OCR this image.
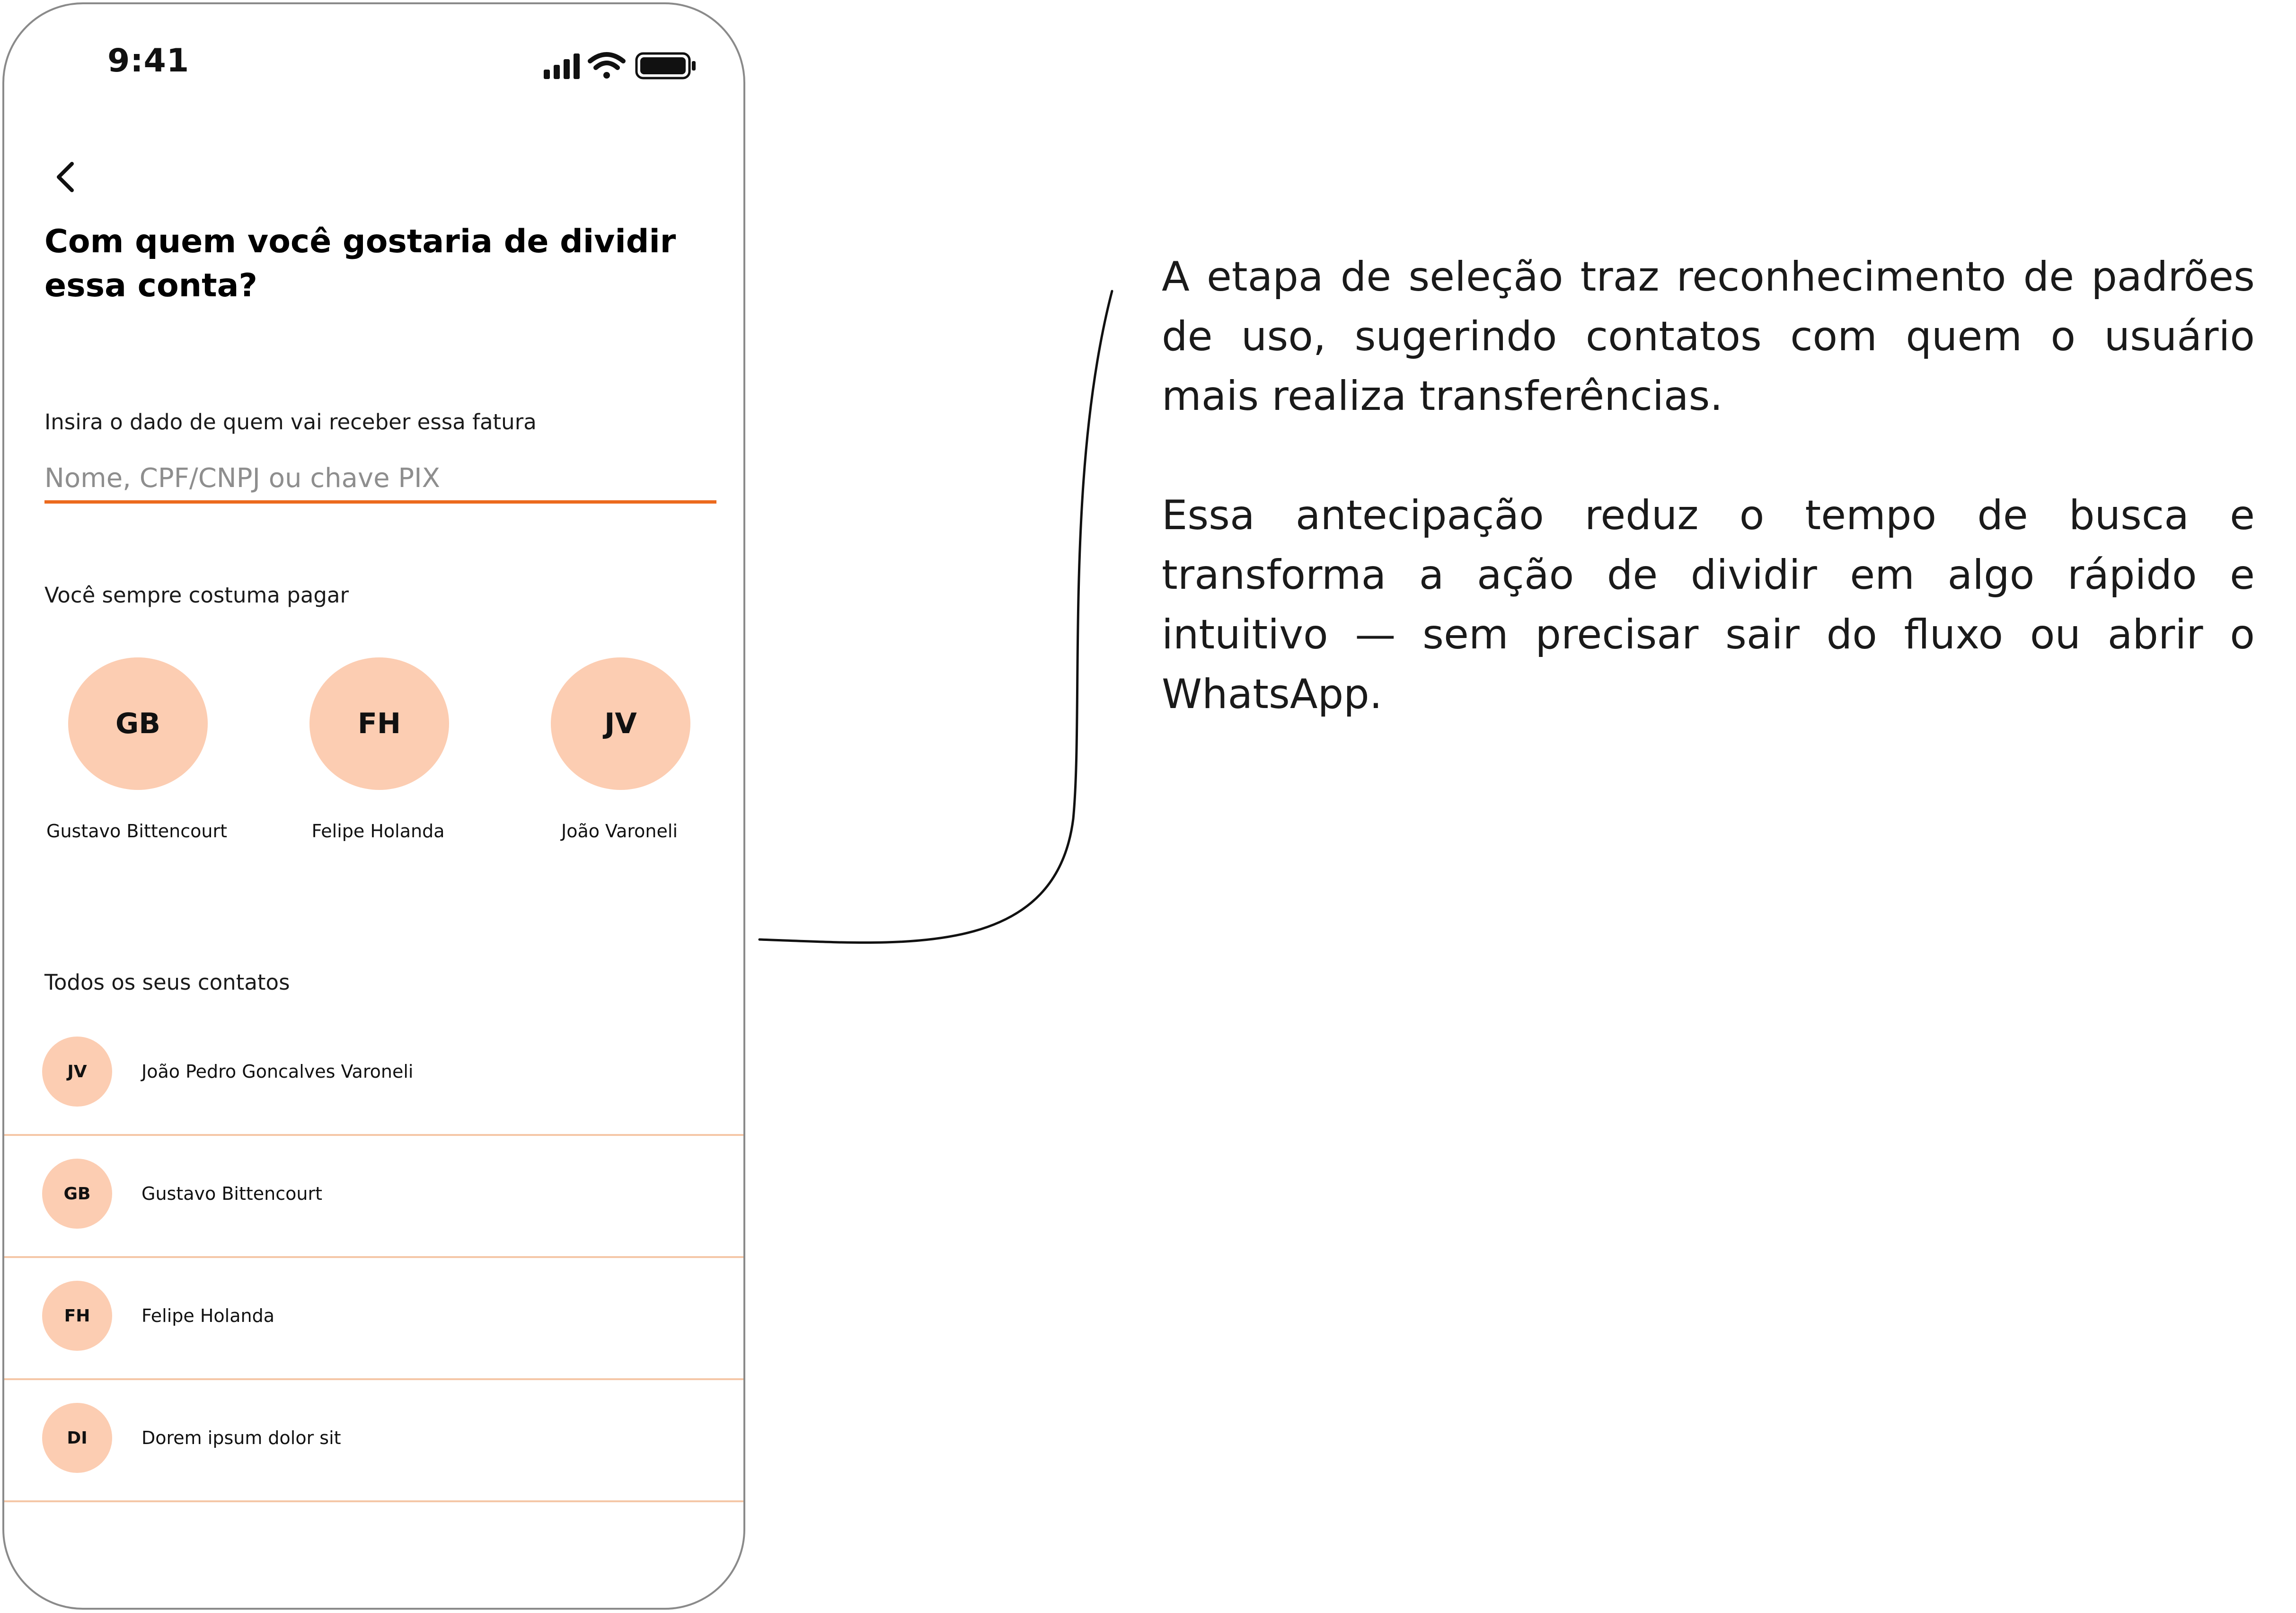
9:41
Com quem você gostaria de dividir essa conta?
Insira o dado de quem vai receber essa fatura
Nome, CPF/CNPJ ou chave PIX
Você sempre costuma pagar
GB
Gustavo Bittencourt
FH
Felipe Holanda
JV
João Varoneli
Todos os seus contatos
JV	João Pedro Goncalves Varoneli
GB	Gustavo Bittencourt
FH	Felipe Holanda
DI	Dorem ipsum dolor sit

A etapa de seleção traz reconhecimento de padrões de uso, sugerindo contatos com quem o usuário mais realiza transferências.

Essa antecipação reduz o tempo de busca e transforma a ação de dividir em algo rápido e intuitivo — sem precisar sair do fluxo ou abrir o WhatsApp.
